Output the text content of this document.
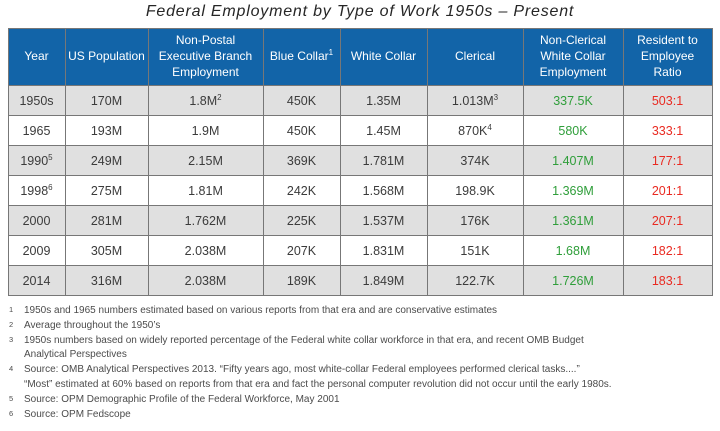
Federal Employment by Type of Work 1950s – Present
Year	US Population	Non-Postal Executive Branch Employment	Blue Collar$^1$	White Collar	Clerical	Non-Clerical White Collar Employment	Resident to Employee Ratio
1950s	170M	$1.8M^2$	450K	1.35M	$1.013M^3$	337.5K	503:1
1965	193M	1.9M	450K	1.45M	$870K^4$	580K	333:1
1990$^5$	249M	2.15M	369K	1.781M	374K	1.407M	177:1
1998$^6$	275M	1.81M	242K	1.568M	198.9K	1.369M	201:1
2000	281M	1.762M	225K	1.537M	176K	1.361M	207:1
2009	305M	2.038M	207K	1.831M	151K	1.68M	182:1
2014	316M	2.038M	189K	1.849M	122.7K	1.726M	183:1
1 1950s and 1965 numbers estimated based on various reports from that era and are conservative estimates
2 Average throughout the 1950’s
3 1950s numbers based on widely reported percentage of the Federal white collar workforce in that era, and recent OMB Budget
Analytical Perspectives
4 Source: OMB Analytical Perspectives 2013. “Fifty years ago, most white-collar Federal employees performed clerical tasks....”
“Most” estimated at 60% based on reports from that era and fact the personal computer revolution did not occur until the early 1980s.
5 Source: OPM Demographic Profile of the Federal Workforce, May 2001
6 Source: OPM Fedscope
